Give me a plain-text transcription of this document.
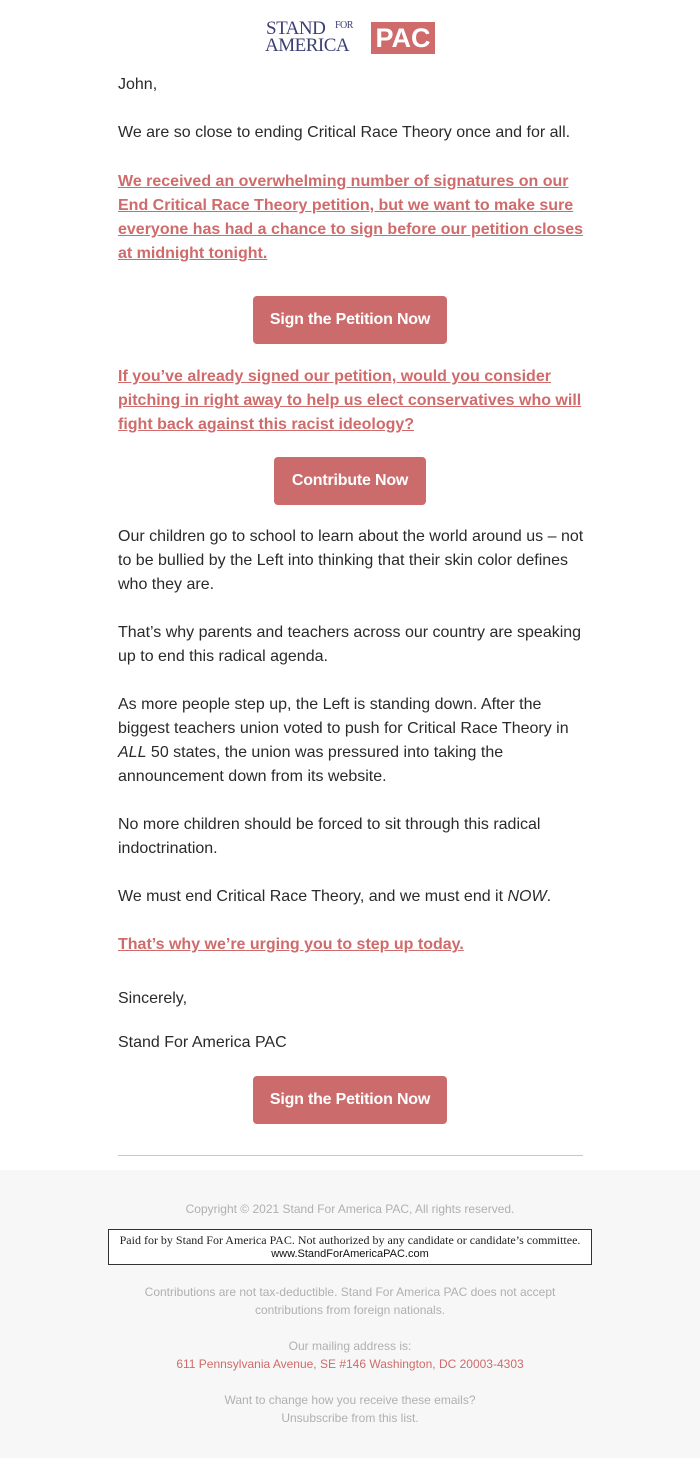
STAND FOR
AMERICA PAC

John,

We are so close to ending Critical Race Theory once and for all.

We received an overwhelming number of signatures on our End Critical Race Theory petition, but we want to make sure everyone has had a chance to sign before our petition closes at midnight tonight.

Sign the Petition Now

If you’ve already signed our petition, would you consider pitching in right away to help us elect conservatives who will fight back against this racist ideology?

Contribute Now

Our children go to school to learn about the world around us – not to be bullied by the Left into thinking that their skin color defines who they are.

That’s why parents and teachers across our country are speaking up to end this radical agenda.

As more people step up, the Left is standing down. After the biggest teachers union voted to push for Critical Race Theory in ALL 50 states, the union was pressured into taking the announcement down from its website.

No more children should be forced to sit through this radical indoctrination.

We must end Critical Race Theory, and we must end it NOW.

That’s why we’re urging you to step up today.

Sincerely,

Stand For America PAC

Sign the Petition Now
Copyright © 2021 Stand For America PAC, All rights reserved.
Paid for by Stand For America PAC. Not authorized by any candidate or candidate’s committee.
www.StandForAmericaPAC.com
Contributions are not tax-deductible. Stand For America PAC does not accept
contributions from foreign nationals.
Our mailing address is:
611 Pennsylvania Avenue, SE #146 Washington, DC 20003-4303
Want to change how you receive these emails?
Unsubscribe from this list.
